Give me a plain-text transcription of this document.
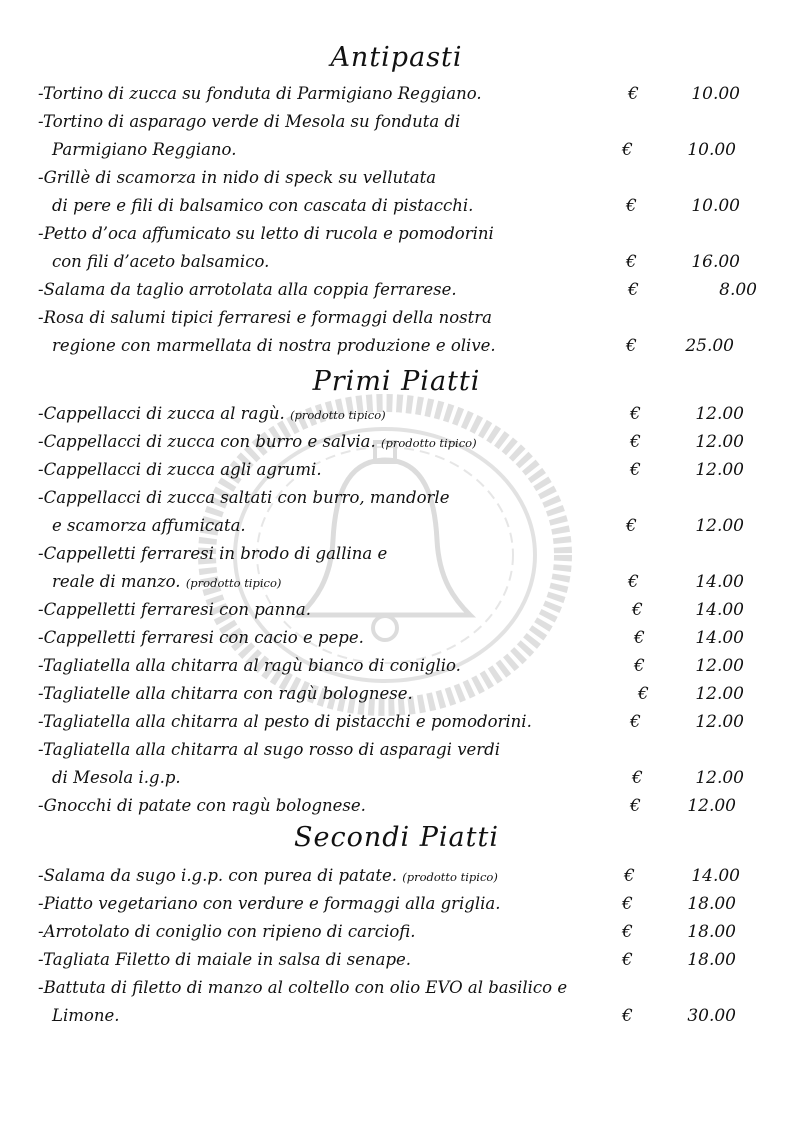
Antipasti
-Tortino di zucca su fonduta di Parmigiano Reggiano.	€	10.00
-Tortino di asparago verde di Mesola su fonduta di
Parmigiano Reggiano.	€	10.00
-Grillè di scamorza in nido di speck su vellutata
di pere e fili di balsamico con cascata di pistacchi.	€	10.00
-Petto d’oca affumicato su letto di rucola e pomodorini
con fili d’aceto balsamico.	€	16.00
-Salama da taglio arrotolata alla coppia ferrarese.	€	8.00
-Rosa di salumi tipici ferraresi e formaggi della nostra
regione con marmellata di nostra produzione e olive.	€	25.00
Primi Piatti
-Cappellacci di zucca al ragù. (prodotto tipico)	€	12.00
-Cappellacci di zucca con burro e salvia. (prodotto tipico)	€	12.00
-Cappellacci di zucca agli agrumi.	€	12.00
-Cappellacci di zucca saltati con burro, mandorle
e scamorza affumicata.	€	12.00
-Cappelletti ferraresi in brodo di gallina e
reale di manzo. (prodotto tipico)	€	14.00
-Cappelletti ferraresi con panna.	€	14.00
-Cappelletti ferraresi con cacio e pepe.	€	14.00
-Tagliatella alla chitarra al ragù bianco di coniglio.	€	12.00
-Tagliatelle alla chitarra con ragù bolognese.	€	12.00
-Tagliatella alla chitarra al pesto di pistacchi e pomodorini.	€	12.00
-Tagliatella alla chitarra al sugo rosso di asparagi verdi
di Mesola i.g.p.	€	12.00
-Gnocchi di patate con ragù bolognese.	€	12.00
Secondi Piatti
-Salama da sugo i.g.p. con purea di patate. (prodotto tipico)	€	14.00
-Piatto vegetariano con verdure e formaggi alla griglia.	€	18.00
-Arrotolato di coniglio con ripieno di carciofi.	€	18.00
-Tagliata Filetto di maiale in salsa di senape.	€	18.00
-Battuta di filetto di manzo al coltello con olio EVO al basilico e
Limone.	€	30.00
